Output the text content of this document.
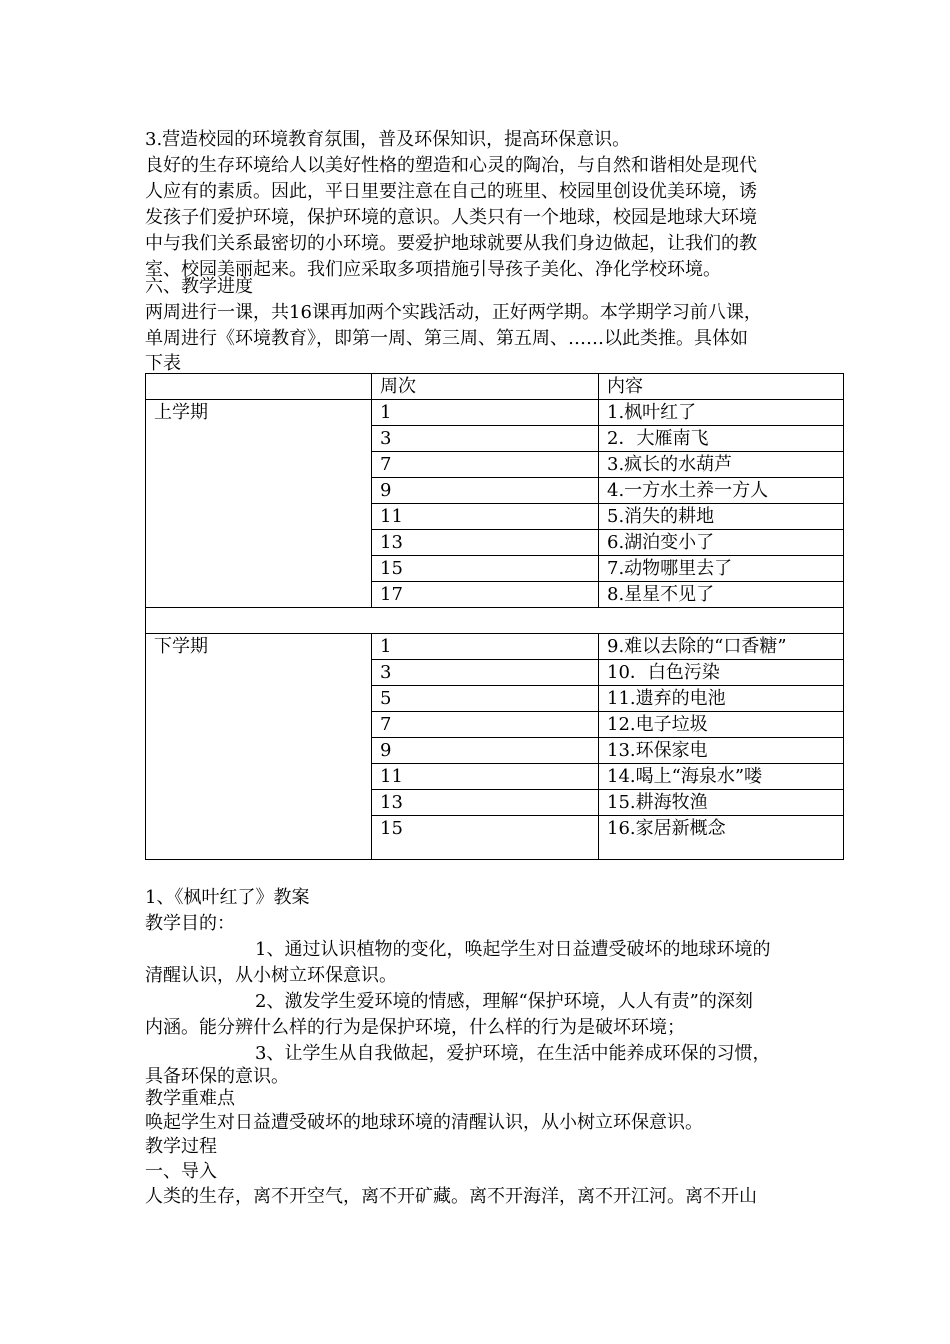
3.营造校园的环境教育氛围，普及环保知识，提高环保意识。
良好的生存环境给人以美好性格的塑造和心灵的陶冶，与自然和谐相处是现代
人应有的素质。因此，平日里要注意在自己的班里、校园里创设优美环境，诱
发孩子们爱护环境，保护环境的意识。人类只有一个地球，校园是地球大环境
中与我们关系最密切的小环境。要爱护地球就要从我们身边做起，让我们的教
室、校园美丽起来。我们应采取多项措施引导孩子美化、净化学校环境。
六、教学进度
两周进行一课，共16课再加两个实践活动，正好两学期。本学期学习前八课，
单周进行《环境教育》，即第一周、第三周、第五周、……以此类推。具体如
下表
	周次	内容
上学期	1	1.枫叶红了
	3	2．大雁南飞
	7	3.疯长的水葫芦
	9	4.一方水土养一方人
	11	5.消失的耕地
	13	6.湖泊变小了
	15	7.动物哪里去了
	17	8.星星不见了

下学期	1	9.难以去除的“口香糖”
	3	10．白色污染
	5	11.遗弃的电池
	7	12.电子垃圾
	9	13.环保家电
	11	14.喝上“海泉水”喽
	13	15.耕海牧渔
	15	16.家居新概念
1、《枫叶红了》教案
教学目的：
1、通过认识植物的变化，唤起学生对日益遭受破坏的地球环境的
清醒认识，从小树立环保意识。
2、激发学生爱环境的情感，理解“保护环境，人人有责”的深刻
内涵。能分辨什么样的行为是保护环境，什么样的行为是破坏环境；
3、让学生从自我做起，爱护环境，在生活中能养成环保的习惯，
具备环保的意识。
教学重难点
唤起学生对日益遭受破坏的地球环境的清醒认识，从小树立环保意识。
教学过程
一、导入
人类的生存，离不开空气，离不开矿藏。离不开海洋，离不开江河。离不开山
